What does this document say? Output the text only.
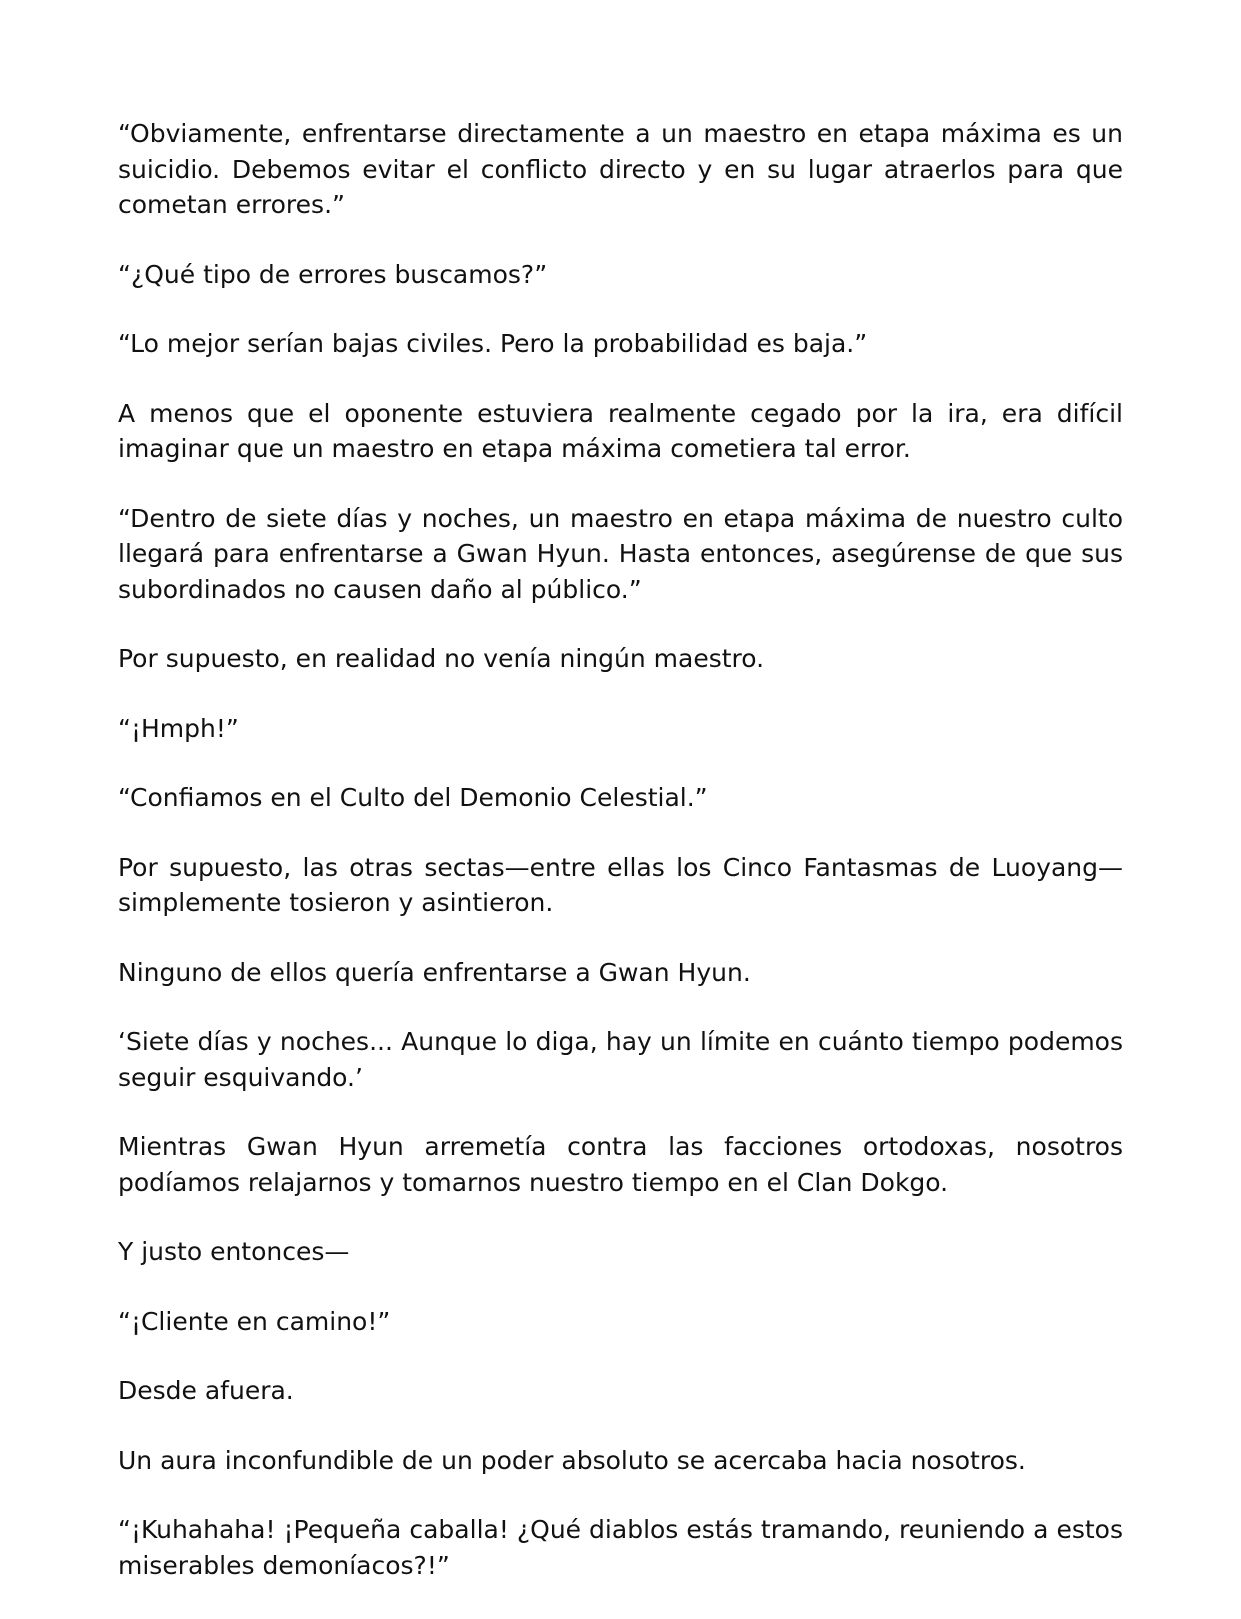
“Obviamente, enfrentarse directamente a un maestro en etapa máxima es un suicidio. Debemos evitar el conflicto directo y en su lugar atraerlos para que cometan errores.”

“¿Qué tipo de errores buscamos?”

“Lo mejor serían bajas civiles. Pero la probabilidad es baja.”

A menos que el oponente estuviera realmente cegado por la ira, era difícil imaginar que un maestro en etapa máxima cometiera tal error.

“Dentro de siete días y noches, un maestro en etapa máxima de nuestro culto llegará para enfrentarse a Gwan Hyun. Hasta entonces, asegúrense de que sus subordinados no causen daño al público.”

Por supuesto, en realidad no venía ningún maestro.

“¡Hmph!”

“Confiamos en el Culto del Demonio Celestial.”

Por supuesto, las otras sectas—entre ellas los Cinco Fantasmas de Luoyang—simplemente tosieron y asintieron.

Ninguno de ellos quería enfrentarse a Gwan Hyun.

‘Siete días y noches... Aunque lo diga, hay un límite en cuánto tiempo podemos seguir esquivando.’

Mientras Gwan Hyun arremetía contra las facciones ortodoxas, nosotros podíamos relajarnos y tomarnos nuestro tiempo en el Clan Dokgo.

Y justo entonces—

“¡Cliente en camino!”

Desde afuera.

Un aura inconfundible de un poder absoluto se acercaba hacia nosotros.

“¡Kuhahaha! ¡Pequeña caballa! ¿Qué diablos estás tramando, reuniendo a estos miserables demoníacos?!”
